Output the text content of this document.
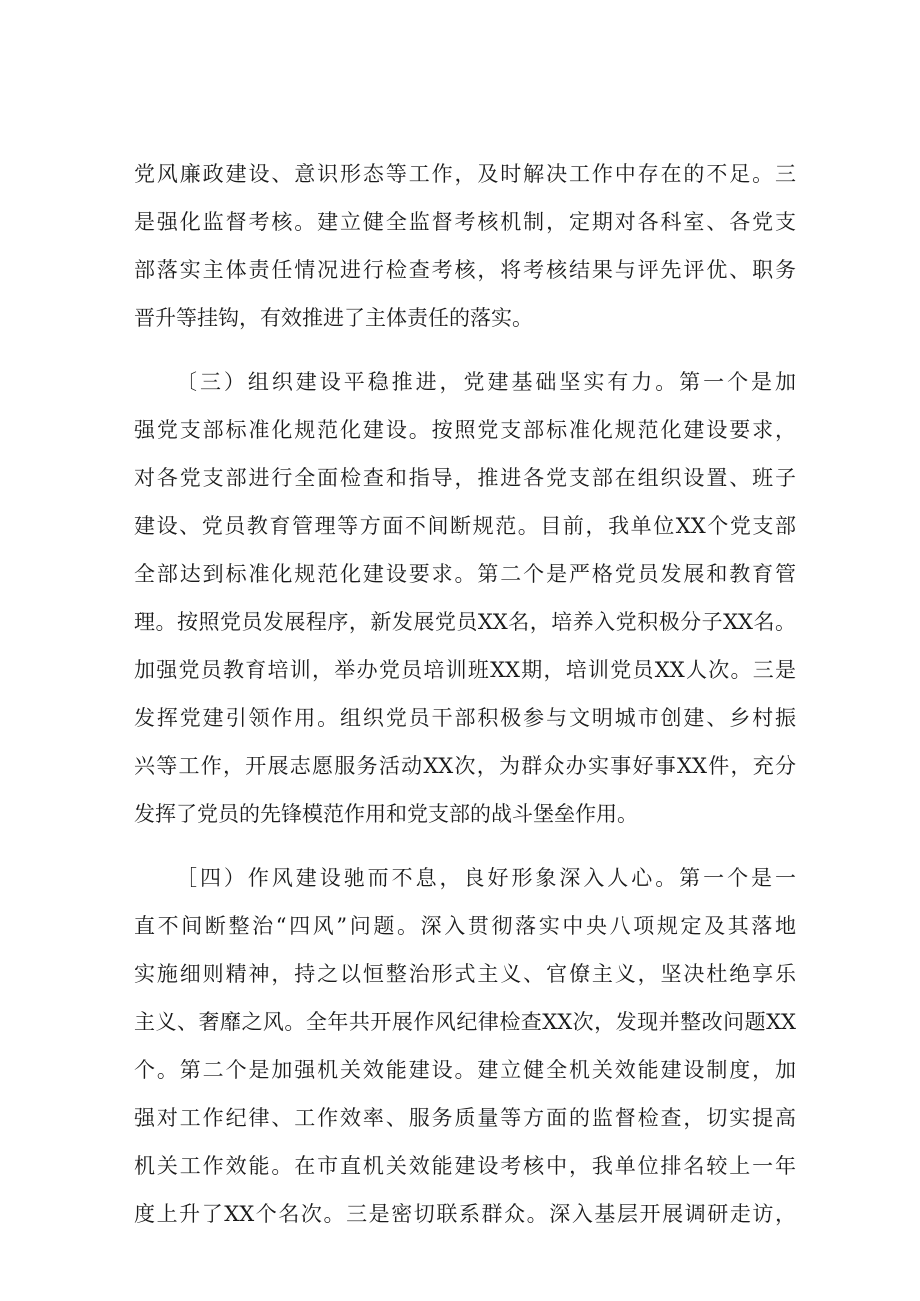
党风廉政建设、意识形态等工作，及时解决工作中存在的不足。三
是强化监督考核。建立健全监督考核机制，定期对各科室、各党支
部落实主体责任情况进行检查考核，将考核结果与评先评优、职务
晋升等挂钩，有效推进了主体责任的落实。
〔三）组织建设平稳推进，党建基础坚实有力。第一个是加
强党支部标准化规范化建设。按照党支部标准化规范化建设要求，
对各党支部进行全面检查和指导，推进各党支部在组织设置、班子
建设、党员教育管理等方面不间断规范。目前，我单位XX个党支部
全部达到标准化规范化建设要求。第二个是严格党员发展和教育管
理。按照党员发展程序，新发展党员XX名，培养入党积极分子XX名。
加强党员教育培训，举办党员培训班XX期，培训党员XX人次。三是
发挥党建引领作用。组织党员干部积极参与文明城市创建、乡村振
兴等工作，开展志愿服务活动XX次，为群众办实事好事XX件，充分
发挥了党员的先锋模范作用和党支部的战斗堡垒作用。
［四）作风建设驰而不息，良好形象深入人心。第一个是一
直不间断整治“四风”问题。深入贯彻落实中央八项规定及其落地
实施细则精神，持之以恒整治形式主义、官僚主义，坚决杜绝享乐
主义、奢靡之风。全年共开展作风纪律检查XX次，发现并整改问题XX
个。第二个是加强机关效能建设。建立健全机关效能建设制度，加
强对工作纪律、工作效率、服务质量等方面的监督检查，切实提高
机关工作效能。在市直机关效能建设考核中，我单位排名较上一年
度上升了XX个名次。三是密切联系群众。深入基层开展调研走访，
